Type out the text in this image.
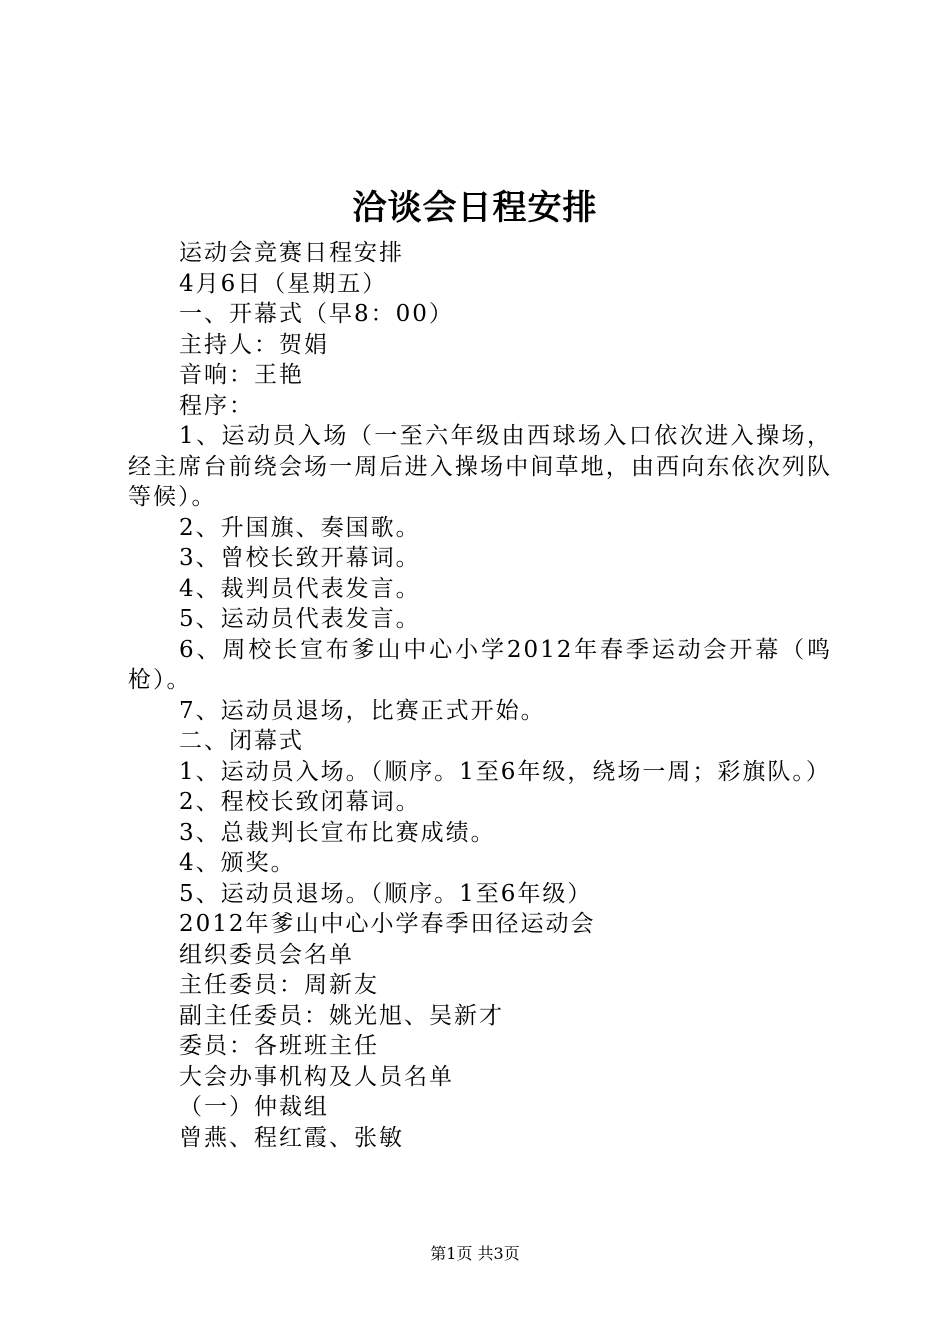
洽谈会日程安排

运动会竞赛日程安排

4月6日（星期五）

一、开幕式（早8：00）

主持人：贺娟

音响：王艳

程序：

1、运动员入场（一至六年级由西球场入口依次进入操场，经主席台前绕会场一周后进入操场中间草地，由西向东依次列队等候）。

2、升国旗、奏国歌。

3、曾校长致开幕词。

4、裁判员代表发言。

5、运动员代表发言。

6、周校长宣布爹山中心小学2012年春季运动会开幕（鸣枪）。

7、运动员退场，比赛正式开始。

二、闭幕式

1、运动员入场。（顺序。1至6年级，绕场一周；彩旗队。）

2、程校长致闭幕词。

3、总裁判长宣布比赛成绩。

4、颁奖。

5、运动员退场。（顺序。1至6年级）

2012年爹山中心小学春季田径运动会

组织委员会名单

主任委员：周新友

副主任委员：姚光旭、吴新才

委员：各班班主任

大会办事机构及人员名单

（一）仲裁组

曾燕、程红霞、张敏

第1页 共3页
